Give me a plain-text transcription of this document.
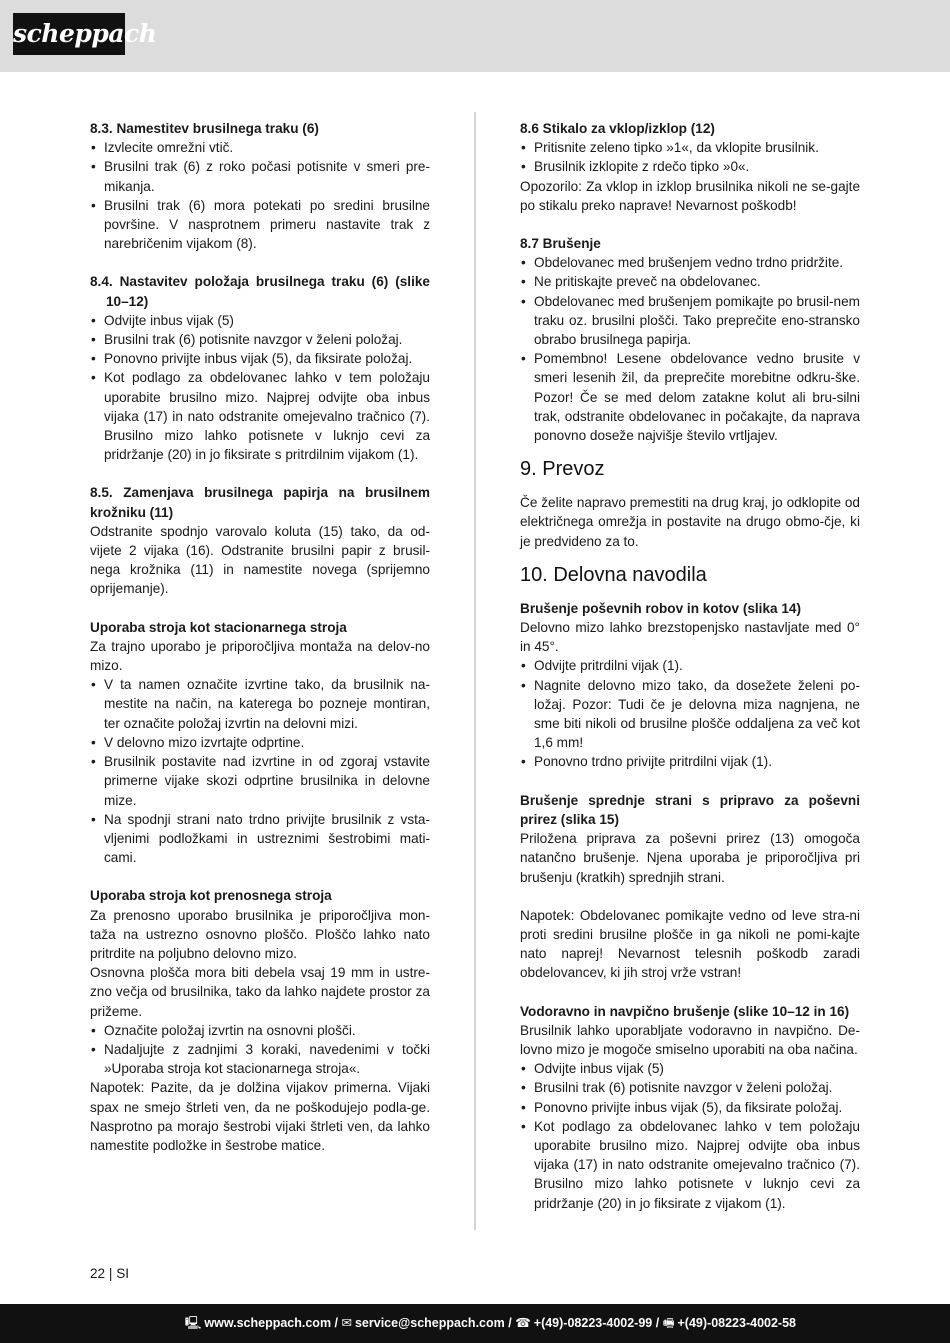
scheppach
8.3. Namestitev brusilnega traku (6)
• Izvlecite omrežni vtič.
• Brusilni trak (6) z roko počasi potisnite v smeri pre-mikanja.
• Brusilni trak (6) mora potekati po sredini brusilne površine. V nasprotnem primeru nastavite trak z narebričenim vijakom (8).
8.4. Nastavitev položaja brusilnega traku (6) (slike 10–12)
• Odvijte inbus vijak (5)
• Brusilni trak (6) potisnite navzgor v želeni položaj.
• Ponovno privijte inbus vijak (5), da fiksirate položaj.
• Kot podlago za obdelovanec lahko v tem položaju uporabite brusilno mizo. Najprej odvijte oba inbus vijaka (17) in nato odstranite omejevalno tračnico (7). Brusilno mizo lahko potisnete v luknjo cevi za pridržanje (20) in jo fiksirate s pritrdilnim vijakom (1).
8.5. Zamenjava brusilnega papirja na brusilnem krožniku (11)

Odstranite spodnjo varovalo koluta (15) tako, da od-vijete 2 vijaka (16). Odstranite brusilni papir z brusil-nega krožnika (11) in namestite novega (sprijemno oprijemanje).

Uporaba stroja kot stacionarnega stroja

Za trajno uporabo je priporočljiva montaža na delov-no mizo.

• V ta namen označite izvrtine tako, da brusilnik na-mestite na način, na katerega bo pozneje montiran, ter označite položaj izvrtin na delovni mizi.
• V delovno mizo izvrtajte odprtine.
• Brusilnik postavite nad izvrtine in od zgoraj vstavite primerne vijake skozi odprtine brusilnika in delovne mize.
• Na spodnji strani nato trdno privijte brusilnik z vsta-vljenimi podložkami in ustreznimi šestrobimi mati-cami.
Uporaba stroja kot prenosnega stroja

Za prenosno uporabo brusilnika je priporočljiva mon-taža na ustrezno osnovno ploščo. Ploščo lahko nato pritrdite na poljubno delovno mizo.

Osnovna plošča mora biti debela vsaj 19 mm in ustre-zno večja od brusilnika, tako da lahko najdete prostor za prižeme.

• Označite položaj izvrtin na osnovni plošči.
• Nadaljujte z zadnjimi 3 koraki, navedenimi v točki »Uporaba stroja kot stacionarnega stroja«.

Napotek: Pazite, da je dolžina vijakov primerna. Vijaki spax ne smejo štrleti ven, da ne poškodujejo podla-ge. Nasprotno pa morajo šestrobi vijaki štrleti ven, da lahko namestite podložke in šestrobe matice.

8.6 Stikalo za vklop/izklop (12)
• Pritisnite zeleno tipko »1«, da vklopite brusilnik.
• Brusilnik izklopite z rdečo tipko »0«.

Opozorilo: Za vklop in izklop brusilnika nikoli ne se-gajte po stikalu preko naprave! Nevarnost poškodb!

8.7 Brušenje
• Obdelovanec med brušenjem vedno trdno pridržite.
• Ne pritiskajte preveč na obdelovanec.
• Obdelovanec med brušenjem pomikajte po brusil-nem traku oz. brusilni plošči. Tako preprečite eno-stransko obrabo brusilnega papirja.
• Pomembno! Lesene obdelovance vedno brusite v smeri lesenih žil, da preprečite morebitne odkru-ške. Pozor! Če se med delom zatakne kolut ali bru-silni trak, odstranite obdelovanec in počakajte, da naprava ponovno doseže najvišje število vrtljajev.
9. Prevoz

Če želite napravo premestiti na drug kraj, jo odklopite od električnega omrežja in postavite na drugo obmo-čje, ki je predvideno za to.

10. Delovna navodila
Brušenje poševnih robov in kotov (slika 14)

Delovno mizo lahko brezstopenjsko nastavljate med 0° in 45°.

• Odvijte pritrdilni vijak (1).
• Nagnite delovno mizo tako, da dosežete želeni po-ložaj. Pozor: Tudi če je delovna miza nagnjena, ne sme biti nikoli od brusilne plošče oddaljena za več kot 1,6 mm!
• Ponovno trdno privijte pritrdilni vijak (1).
Brušenje sprednje strani s pripravo za poševni prirez (slika 15)

Priložena priprava za poševni prirez (13) omogoča natančno brušenje. Njena uporaba je priporočljiva pri brušenju (kratkih) sprednjih strani.

Napotek: Obdelovanec pomikajte vedno od leve stra-ni proti sredini brusilne plošče in ga nikoli ne pomi-kajte nato naprej! Nevarnost telesnih poškodb zaradi obdelovancev, ki jih stroj vrže vstran!

Vodoravno in navpično brušenje (slike 10–12 in 16)

Brusilnik lahko uporabljate vodoravno in navpično. De-lovno mizo je mogoče smiselno uporabiti na oba načina.

• Odvijte inbus vijak (5)
• Brusilni trak (6) potisnite navzgor v želeni položaj.
• Ponovno privijte inbus vijak (5), da fiksirate položaj.
• Kot podlago za obdelovanec lahko v tem položaju uporabite brusilno mizo. Najprej odvijte oba inbus vijaka (17) in nato odstranite omejevalno tračnico (7). Brusilno mizo lahko potisnete v luknjo cevi za pridržanje (20) in jo fiksirate z vijakom (1).
22 | SI
🖳︎ www.scheppach.com / ✉︎ service@scheppach.com / ☎︎ +(49)-08223-4002-99 / 🖷︎ +(49)-08223-4002-58
